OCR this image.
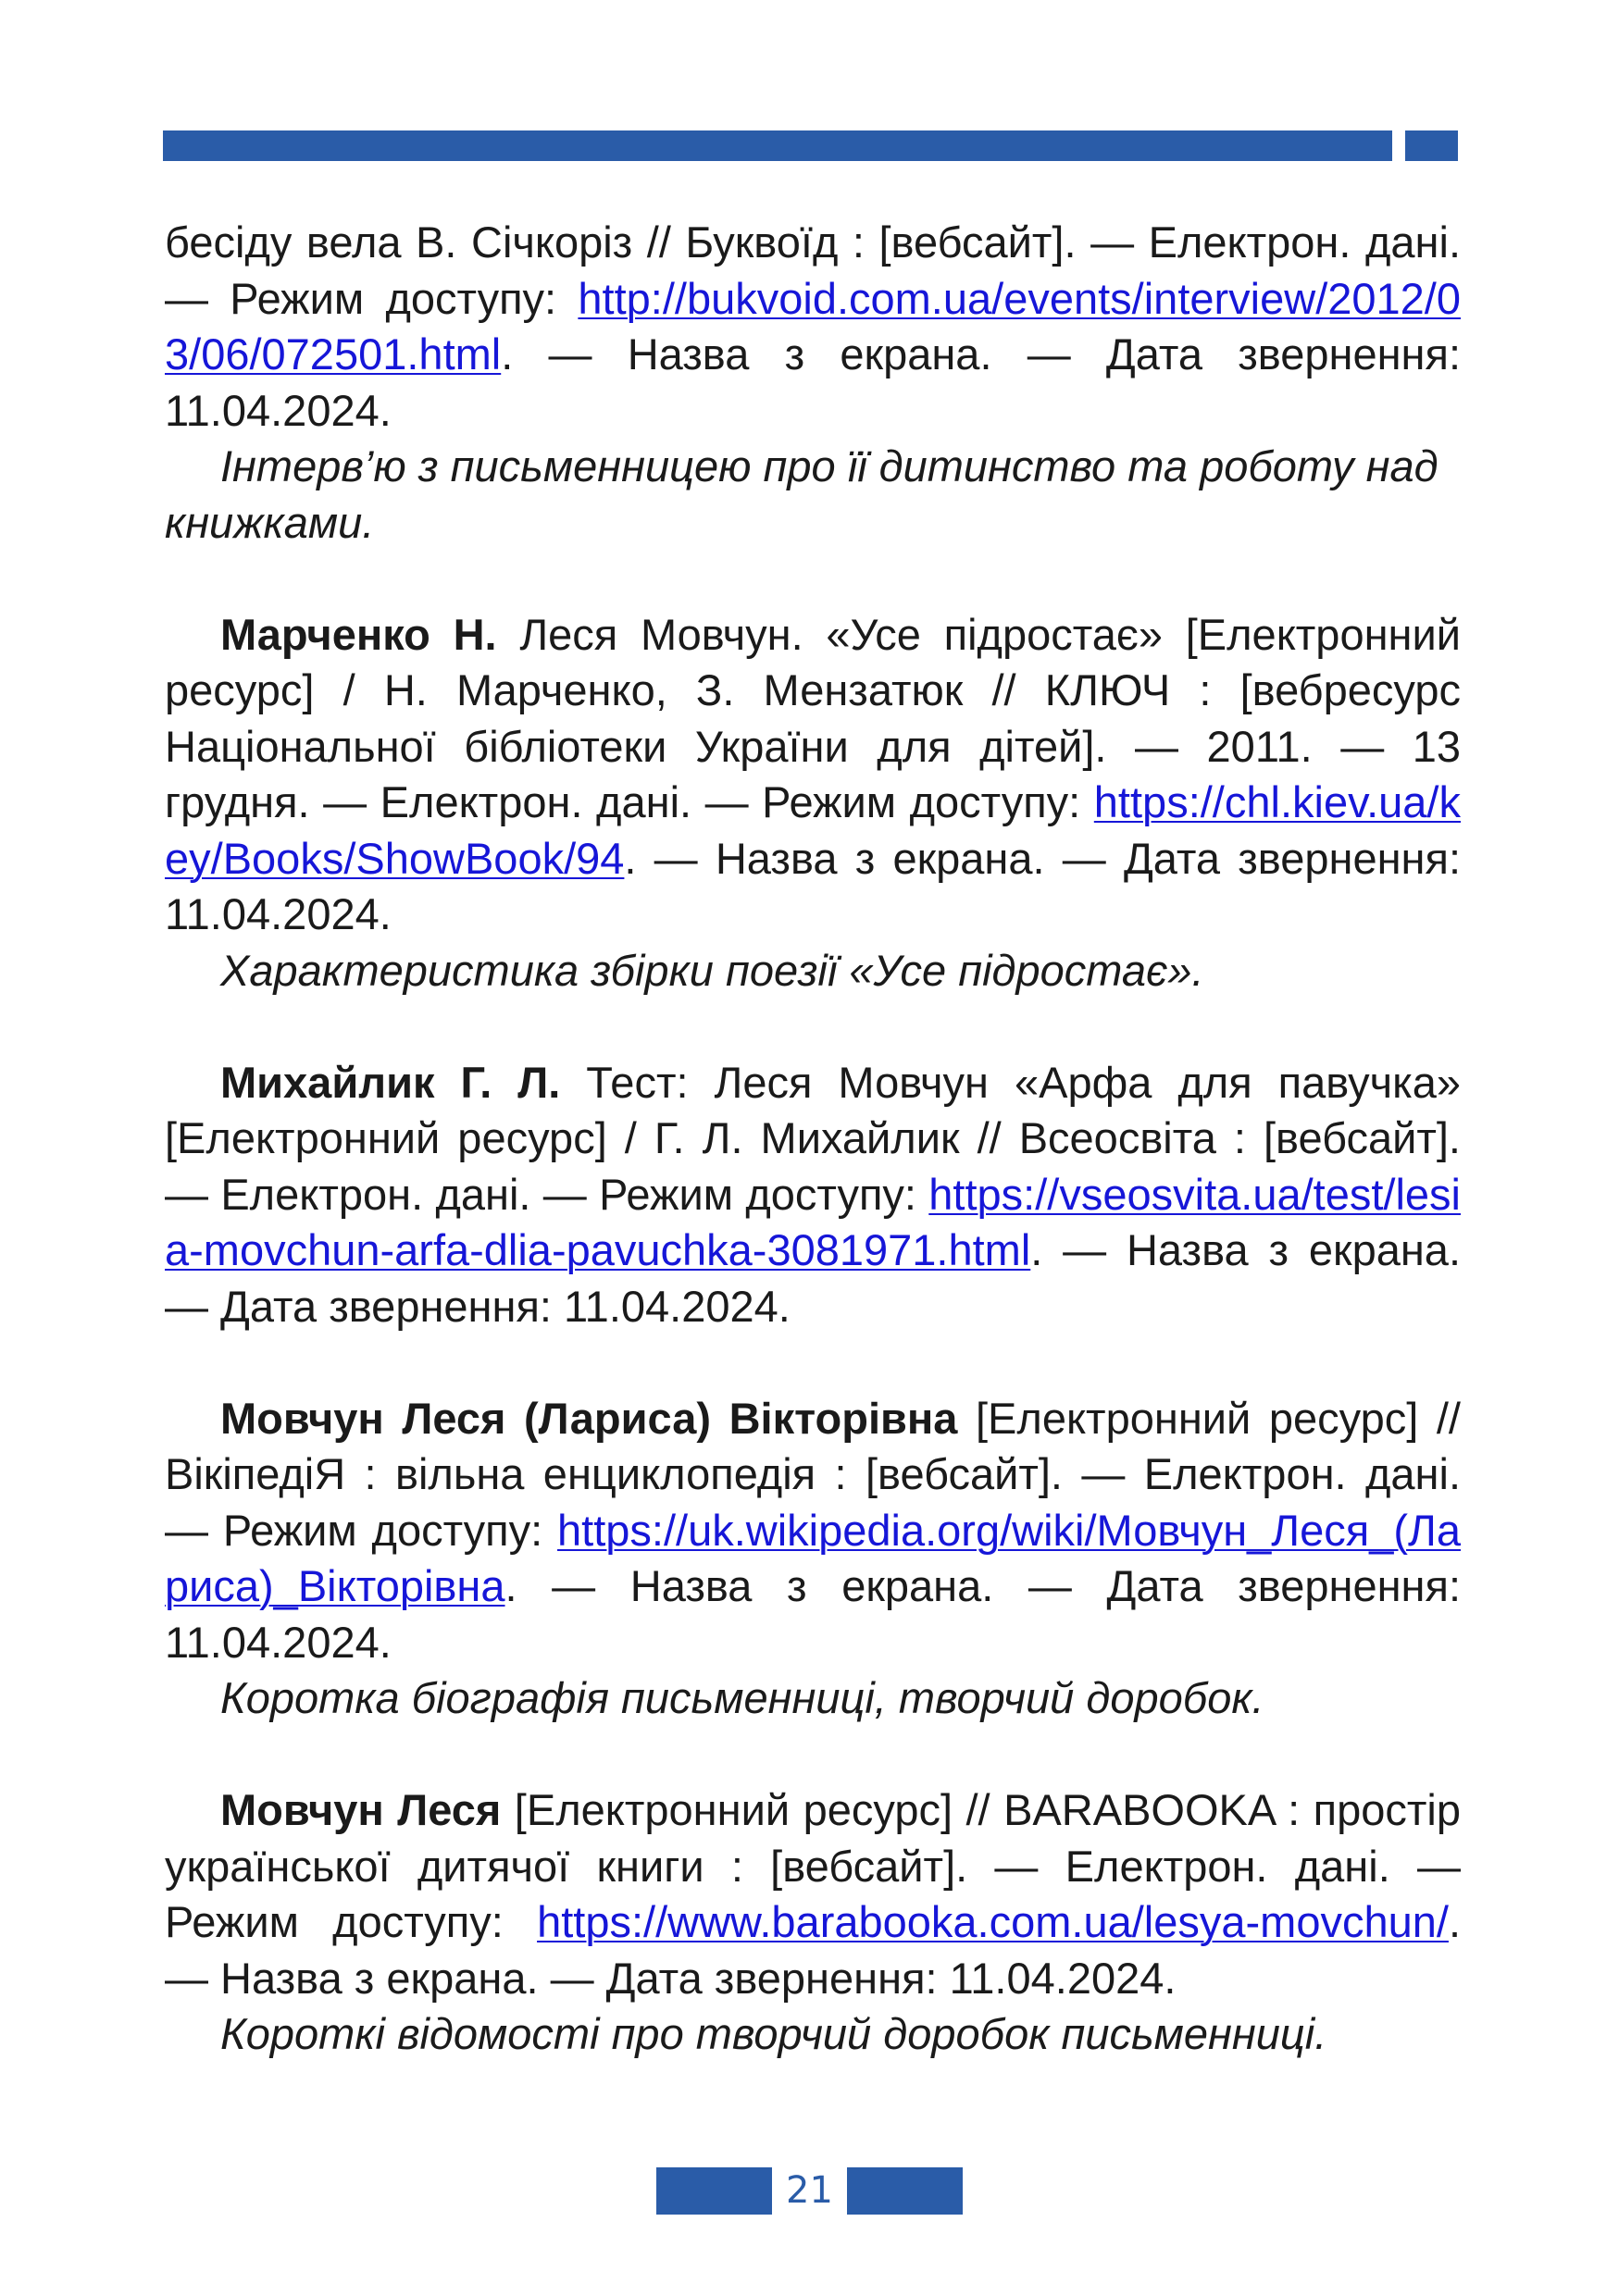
бесіду вела В. Січкоріз // Буквоїд : [вебсайт]. — Електрон. дані. — Режим доступу: http://bukvoid.com.ua/events/interview/2012/03/06/072501.html. — Назва з екрана. — Дата звернення: 11.04.2024.

Інтерв’ю з письменницею про її дитинство та роботу над книжками.

Марченко Н. Леся Мовчун. «Усе підростає» [Електронний ресурс] / Н. Марченко, З. Мензатюк // КЛЮЧ : [вебресурс Національної бібліотеки України для дітей]. — 2011. — 13 грудня. — Електрон. дані. — Режим доступу: https://chl.kiev.ua/key/Books/ShowBook/94. — Назва з екрана. — Дата звернення: 11.04.2024.

Характеристика збірки поезії «Усе підростає».

Михайлик Г. Л. Тест: Леся Мовчун «Арфа для павучка» [Електронний ресурс] / Г. Л. Михайлик // Всеосвіта : [вебсайт]. — Електрон. дані. — Режим доступу: https://vseosvita.ua/test/lesia-movchun-arfa-dlia-pavuchka-3081971.html. — Назва з екрана. — Дата звернення: 11.04.2024.

Мовчун Леся (Лариса) Вікторівна [Електронний ресурс] // ВікіпедіЯ : вільна енциклопедія : [вебсайт]. — Електрон. дані. — Режим доступу: https://uk.wikipedia.org/wiki/Мовчун_Леся_(Лариса)_Вікторівна. — Назва з екрана. — Дата звернення: 11.04.2024.

Коротка біографія письменниці, творчий доробок.

Мовчун Леся [Електронний ресурс] // BARABOOKA : простір української дитячої книги : [вебсайт]. — Електрон. дані. — Режим доступу: https://www.barabooka.com.ua/lesya-movchun/. — Назва з екрана. — Дата звернення: 11.04.2024.

Короткі відомості про творчий доробок письменниці.

21
